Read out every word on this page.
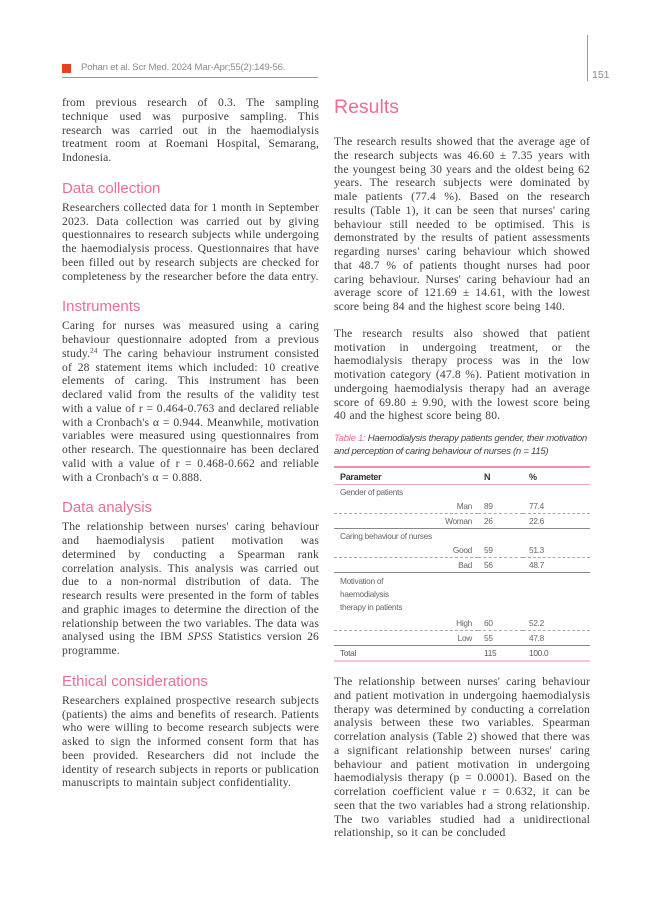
Pohan et al. Scr Med. 2024 Mar-Apr;55(2):149-56.
151

from previous research of 0.3. The sampling technique used was purposive sampling. This research was carried out in the haemodialysis treatment room at Roemani Hospital, Semarang, Indonesia.

Data collection

Researchers collected data for 1 month in September 2023. Data collection was carried out by giving questionnaires to research subjects while undergoing the haemodialysis process. Questionnaires that have been filled out by research subjects are checked for completeness by the researcher before the data entry.

Instruments

Caring for nurses was measured using a caring behaviour questionnaire adopted from a previous study.$^{24}$ The caring behaviour instrument consisted of 28 statement items which included: 10 creative elements of caring. This instrument has been declared valid from the results of the validity test with a value of r = 0.464-0.763 and declared reliable with a Cronbach's α = 0.944. Meanwhile, motivation variables were measured using questionnaires from other research. The questionnaire has been declared valid with a value of r = 0.468-0.662 and reliable with a Cronbach's α = 0.888.

Data analysis

The relationship between nurses' caring behaviour and haemodialysis patient motivation was determined by conducting a Spearman rank correlation analysis. This analysis was carried out due to a non-normal distribution of data. The research results were presented in the form of tables and graphic images to determine the direction of the relationship between the two variables. The data was analysed using the IBM SPSS Statistics version 26 programme.

Ethical considerations

Researchers explained prospective research subjects (patients) the aims and benefits of research. Patients who were willing to become research subjects were asked to sign the informed consent form that has been provided. Researchers did not include the identity of research subjects in reports or publication manuscripts to maintain subject confidentiality.

Results

The research results showed that the average age of the research subjects was 46.60 ± 7.35 years with the youngest being 30 years and the oldest being 62 years. The research subjects were dominated by male patients (77.4 %). Based on the research results (Table 1), it can be seen that nurses' caring behaviour still needed to be optimised. This is demonstrated by the results of patient assessments regarding nurses' caring behaviour which showed that 48.7 % of patients thought nurses had poor caring behaviour. Nurses' caring behaviour had an average score of 121.69 ± 14.61, with the lowest score being 84 and the highest score being 140.

The research results also showed that patient motivation in undergoing treatment, or the haemodialysis therapy process was in the low motivation category (47.8 %). Patient motivation in undergoing haemodialysis therapy had an average score of 69.80 ± 9.90, with the lowest score being 40 and the highest score being 80.

Table 1: Haemodialysis therapy patients gender, their motivation and perception of caring behaviour of nurses (n = 115)
Parameter	N	%
Gender of patients		
Man	89	77.4
Woman	26	22.6
Caring behaviour of nurses		
Good	59	51.3
Bad	56	48.7
Motivation of haemodialysis therapy in patients		
High	60	52.2
Low	55	47.8
Total	115	100.0

The relationship between nurses' caring behaviour and patient motivation in undergoing haemodialysis therapy was determined by conducting a correlation analysis between these two variables. Spearman correlation analysis (Table 2) showed that there was a significant relationship between nurses' caring behaviour and patient motivation in undergoing haemodialysis therapy (p = 0.0001). Based on the correlation coefficient value r = 0.632, it can be seen that the two variables had a strong relationship. The two variables studied had a unidirectional relationship, so it can be concluded
